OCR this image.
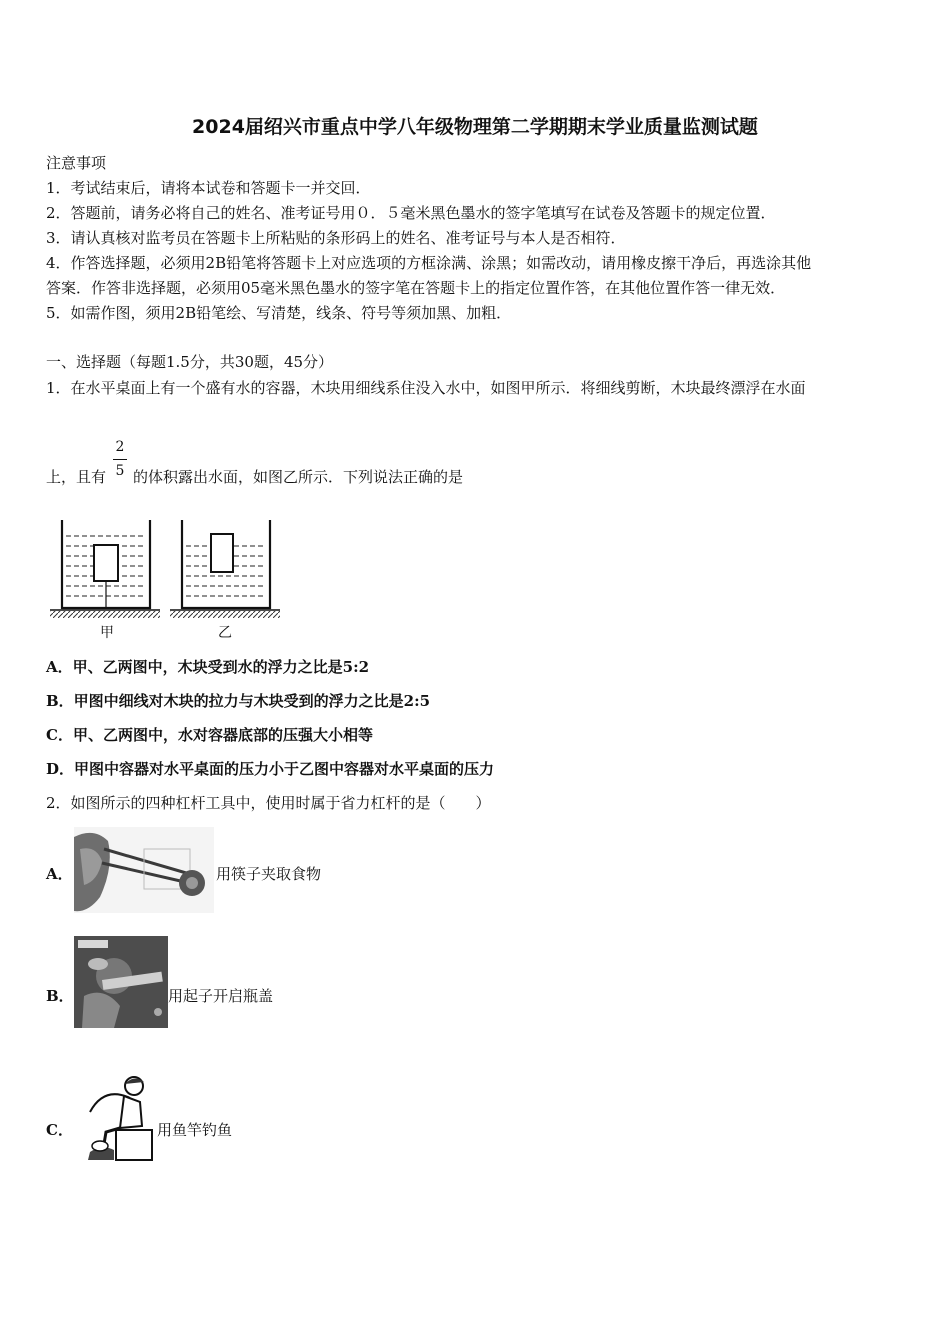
2024届绍兴市重点中学八年级物理第二学期期末学业质量监测试题
注意事项
1．考试结束后，请将本试卷和答题卡一并交回．
2．答题前，请务必将自己的姓名、准考证号用０．５毫米黑色墨水的签字笔填写在试卷及答题卡的规定位置．
3．请认真核对监考员在答题卡上所粘贴的条形码上的姓名、准考证号与本人是否相符．
4．作答选择题，必须用2B铅笔将答题卡上对应选项的方框涂满、涂黑；如需改动，请用橡皮擦干净后，再选涂其他
答案．作答非选择题，必须用05毫米黑色墨水的签字笔在答题卡上的指定位置作答，在其他位置作答一律无效．
5．如需作图，须用2B铅笔绘、写清楚，线条、符号等须加黑、加粗．
一、选择题（每题1.5分，共30题，45分）
1．在水平桌面上有一个盛有水的容器，木块用细线系住没入水中，如图甲所示．将细线剪断，木块最终漂浮在水面
上，且有
2
5 的体积露出水面，如图乙所示．下列说法正确的是
甲	乙
A．甲、乙两图中，木块受到水的浮力之比是5:2
B．甲图中细线对木块的拉力与木块受到的浮力之比是2:5
C．甲、乙两图中，水对容器底部的压强大小相等
D．甲图中容器对水平桌面的压力小于乙图中容器对水平桌面的压力
2．如图所示的四种杠杆工具中，使用时属于省力杠杆的是（　　）
A．	用筷子夹取食物
B．	用起子开启瓶盖
C．	用鱼竿钓鱼
